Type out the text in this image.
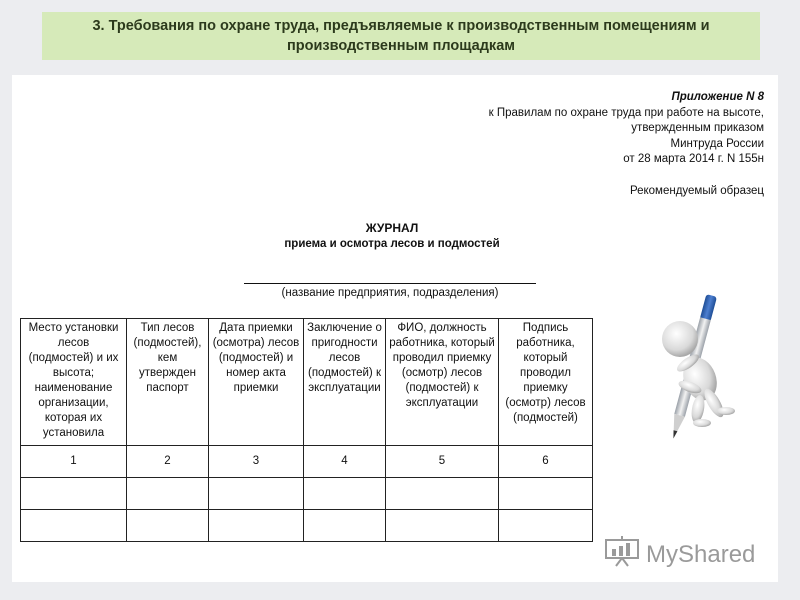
3. Требования по охране труда, предъявляемые к производственным помещениям и
производственным площадкам
Приложение N 8
к Правилам по охране труда при работе на высоте,
утвержденным приказом
Минтруда России
от 28 марта 2014 г. N 155н
Рекомендуемый образец
ЖУРНАЛ
приема и осмотра лесов и подмостей
(название предприятия, подразделения)
Место установки лесов (подмостей) и их высота; наименование организации, которая их установила	Тип лесов (подмостей), кем утвержден паспорт	Дата приемки (осмотра) лесов (подмостей) и номер акта приемки	Заключение о пригодности лесов (подмостей) к эксплуатации	ФИО, должность работника, который проводил приемку (осмотр) лесов (подмостей) к эксплуатации	Подпись работника, который проводил приемку (осмотр) лесов (подмостей)
1	2	3	4	5	6

MyShared
